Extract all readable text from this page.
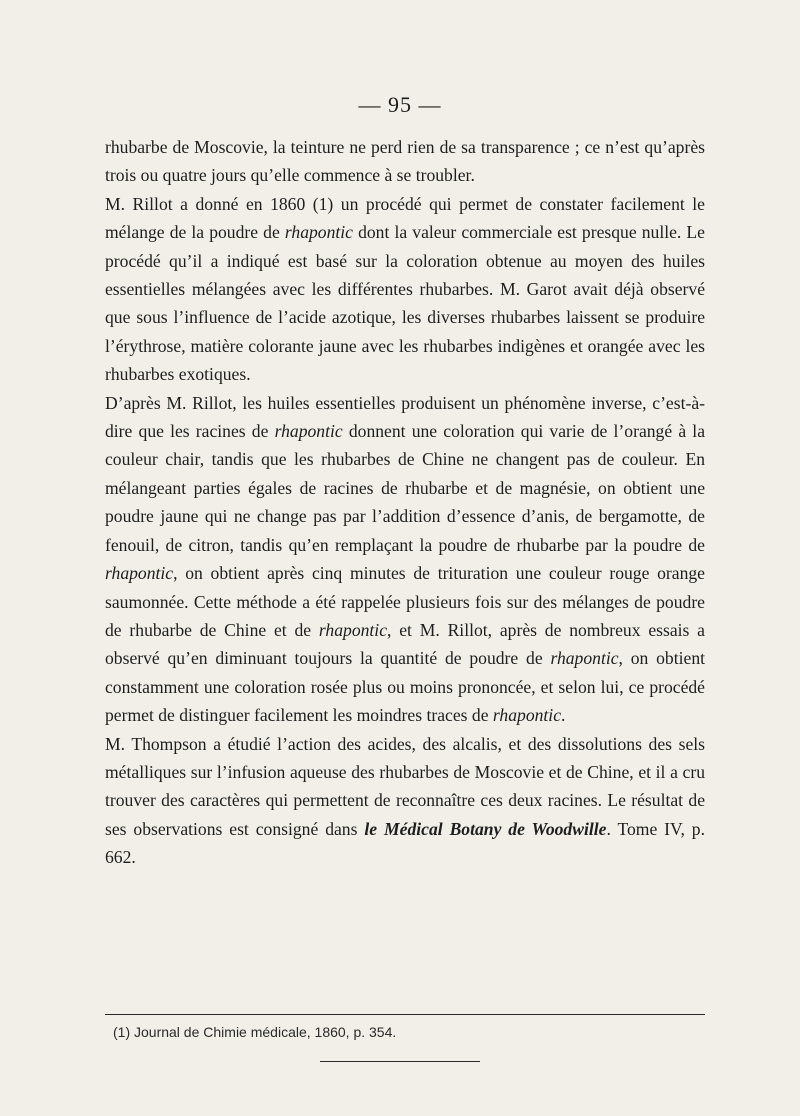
— 95 —

rhubarbe de Moscovie, la teinture ne perd rien de sa transparence ; ce n’est qu’après trois ou quatre jours qu’elle commence à se troubler.

M. Rillot a donné en 1860 (1) un procédé qui permet de constater facilement le mélange de la poudre de rhapontic dont la valeur commerciale est presque nulle. Le procédé qu’il a indiqué est basé sur la coloration obtenue au moyen des huiles essentielles mélangées avec les différentes rhubarbes. M. Garot avait déjà observé que sous l’influence de l’acide azotique, les diverses rhubarbes laissent se produire l’érythrose, matière colorante jaune avec les rhubarbes indigènes et orangée avec les rhubarbes exotiques.

D’après M. Rillot, les huiles essentielles produisent un phénomène inverse, c’est-à-dire que les racines de rhapontic donnent une coloration qui varie de l’orangé à la couleur chair, tandis que les rhubarbes de Chine ne changent pas de couleur. En mélangeant parties égales de racines de rhubarbe et de magnésie, on obtient une poudre jaune qui ne change pas par l’addition d’essence d’anis, de bergamotte, de fenouil, de citron, tandis qu’en remplaçant la poudre de rhubarbe par la poudre de rhapontic, on obtient après cinq minutes de trituration une couleur rouge orange saumonnée. Cette méthode a été rappelée plusieurs fois sur des mélanges de poudre de rhubarbe de Chine et de rhapontic, et M. Rillot, après de nombreux essais a observé qu’en diminuant toujours la quantité de poudre de rhapontic, on obtient constamment une coloration rosée plus ou moins prononcée, et selon lui, ce procédé permet de distinguer facilement les moindres traces de rhapontic.

M. Thompson a étudié l’action des acides, des alcalis, et des dissolutions des sels métalliques sur l’infusion aqueuse des rhubarbes de Moscovie et de Chine, et il a cru trouver des caractères qui permettent de reconnaître ces deux racines. Le résultat de ses observations est consigné dans le Médical Botany de Woodwille. Tome IV, p. 662.

(1) Journal de Chimie médicale, 1860, p. 354.
